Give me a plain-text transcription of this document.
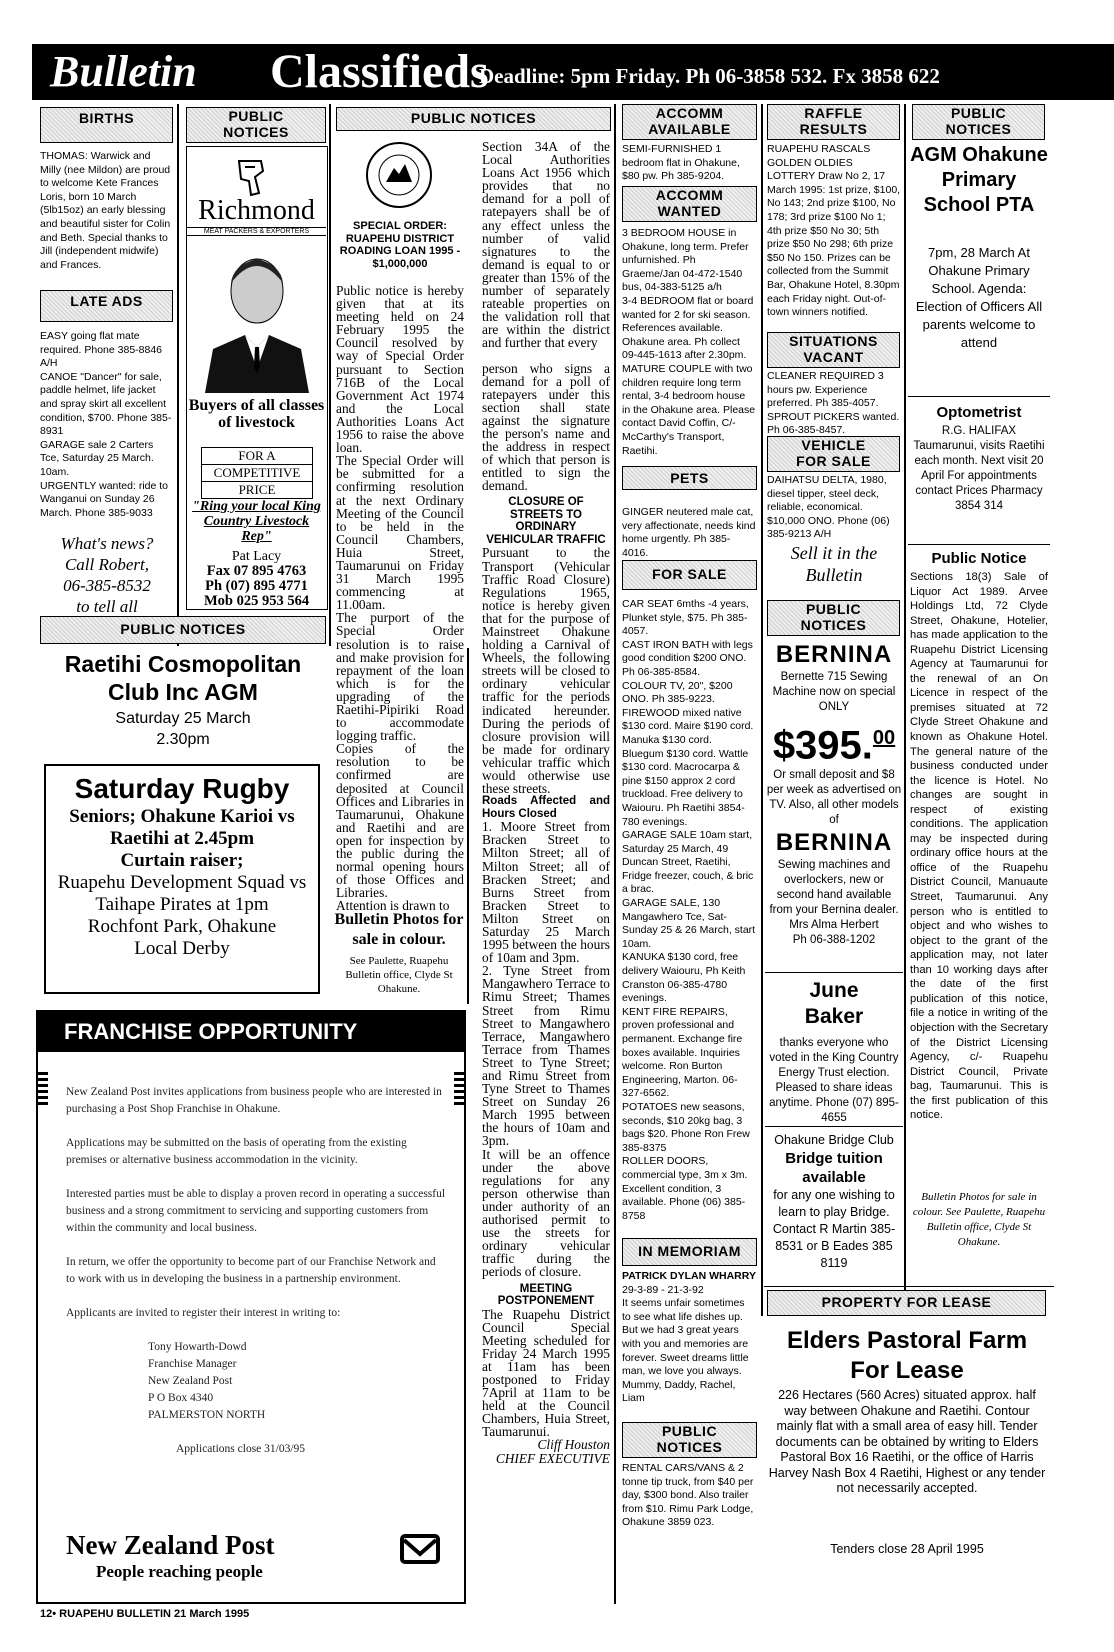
Bulletin Classifieds
Deadline: 5pm Friday. Ph 06-3858 532. Fx 3858 622
BIRTHS
THOMAS: Warwick and Milly (nee Mildon) are proud to welcome Kete Frances Loris, born 10 March (5lb15oz) an early blessing and beautiful sister for Colin and Beth. Special thanks to Jill (independent midwife) and Frances.
LATE ADS

EASY going flat mate required. Phone 385-8846 A/H

CANOE "Dancer" for sale, paddle helmet, life jacket and spray skirt all excellent condition, $700. Phone 385-8931

GARAGE sale 2 Carters Tce, Saturday 25 March. 10am.

URGENTLY wanted: ride to Wanganui on Sunday 26 March. Phone 385-9033

What's news?

Call Robert,

06-385-8532

to tell all

PUBLIC
NOTICES
Richmond
MEAT PACKERS & EXPORTERS
Buyers of all classes of livestock

FOR A

COMPETITIVE

PRICE

"Ring your local King Country Livestock Rep"
Pat Lacy

Fax 07 895 4763

Ph (07) 895 4771

Mob 025 953 564

PUBLIC NOTICES
Raetihi Cosmopolitan Club Inc AGM

Saturday 25 March

2.30pm

Saturday Rugby
Seniors; Ohakune Karioi vs Raetihi at 2.45pm
Curtain raiser;
Ruapehu Development Squad vs Taihape Pirates at 1pm
Rochfont Park, Ohakune
Local Derby
PUBLIC NOTICES
SPECIAL ORDER: RUAPEHU DISTRICT ROADING LOAN 1995 - $1,000,000

Public notice is hereby given that at its meeting held on 24 February 1995 the Council resolved by way of Special Order pursuant to Section 716B of the Local Government Act 1974 and the Local Authorities Loans Act 1956 to raise the above loan.

The Special Order will be submitted for a confirming resolution at the next Ordinary Meeting of the Council to be held in the Council Chambers, Huia Street, Taumarunui on Friday 31 March 1995 commencing at 11.00am.

The purport of the Special Order resolution is to raise and make provision for repayment of the loan which is for the upgrading of the Raetihi-Pipiriki Road to accommodate logging traffic.

Copies of the resolution to be confirmed are deposited at Council Offices and Libraries in Taumarunui, Ohakune and Raetihi and are open for inspection by the public during the normal opening hours of those Offices and Libraries.

Attention is drawn to

Section 34A of the Local Authorities Loans Act 1956 which provides that no demand for a poll of ratepayers shall be of any effect unless the number of valid signatures to the demand is equal to or greater than 15% of the number of separately rateable properties on the validation roll that are within the district and further that every

person who signs a demand for a poll of ratepayers under this section shall state against the signature the person's name and the address in respect of which that person is entitled to sign the demand.

CLOSURE OF STREETS TO ORDINARY VEHICULAR TRAFFIC

Pursuant to the Transport (Vehicular Traffic Road Closure) Regulations 1965, notice is hereby given that for the purpose of Mainstreet Ohakune holding a Carnival of Wheels, the following streets will be closed to ordinary vehicular traffic for the periods indicated hereunder. During the periods of closure provision will be made for ordinary vehicular traffic which would otherwise use these streets.

Roads Affected and Hours Closed

1. Moore Street from Bracken Street to Milton Street; all of Milton Street; all of Bracken Street; and Burns Street from Bracken Street to Milton Street on Saturday 25 March 1995 between the hours of 10am and 3pm.

2. Tyne Street from Mangawhero Terrace to Rimu Street; Thames Street from Rimu Street to Mangawhero Terrace, Mangawhero Terrace from Thames Street to Tyne Street; and Rimu Street from Tyne Street to Thames Street on Sunday 26 March 1995 between the hours of 10am and 3pm.

It will be an offence under the above regulations for any person otherwise than under authority of an authorised permit to use the streets for ordinary vehicular traffic during the periods of closure.

MEETING POSTPONEMENT

The Ruapehu District Council Special Meeting scheduled for Friday 24 March 1995 at 11am has been postponed to Friday 7April at 11am to be held at the Council Chambers, Huia Street, Taumarunui.

Cliff Houston

CHIEF EXECUTIVE

Bulletin Photos for sale in colour.
See Paulette, Ruapehu Bulletin office, Clyde St Ohakune.
FRANCHISE OPPORTUNITY

New Zealand Post invites applications from business people who are interested in purchasing a Post Shop Franchise in Ohakune.

Applications may be submitted on the basis of operating from the existing premises or alternative business accommodation in the vicinity.

Interested parties must be able to display a proven record in operating a successful business and a strong commitment to servicing and supporting customers from within the community and local business.

In return, we offer the opportunity to become part of our Franchise Network and to work with us in developing the business in a partnership environment.

Applicants are invited to register their interest in writing to:

Tony Howarth-Dowd

Franchise Manager

New Zealand Post

P O Box 4340

PALMERSTON NORTH

Applications close 31/03/95

New Zealand Post
People reaching people
12• RUAPEHU BULLETIN 21 March 1995
ACCOMM
AVAILABLE
SEMI-FURNISHED 1 bedroom flat in Ohakune, $80 pw. Ph 385-9204.
ACCOMM
WANTED

3 BEDROOM HOUSE in Ohakune, long term. Prefer unfurnished. Ph Graeme/Jan 04-472-1540 bus, 04-383-5125 a/h

3-4 BEDROOM flat or board wanted for 2 for ski season. References available. Ohakune area. Ph collect 09-445-1613 after 2.30pm.

MATURE COUPLE with two children require long term rental, 3-4 bedroom house in the Ohakune area. Please contact David Coffin, C/- McCarthy's Transport, Raetihi.

PETS
GINGER neutered male cat, very affectionate, needs kind home urgently. Ph 385-4016.
FOR SALE

CAR SEAT 6mths -4 years, Plunket style, $75. Ph 385-4057.

CAST IRON BATH with legs good condition $200 ONO. Ph 06-385-8584.

COLOUR TV, 20", $200 ONO. Ph 385-9223.

FIREWOOD mixed native $130 cord. Maire $190 cord. Manuka $130 cord. Bluegum $130 cord. Wattle $130 cord. Macrocarpa & pine $150 approx 2 cord truckload. Free delivery to Waiouru. Ph Raetihi 3854-780 evenings.

GARAGE SALE 10am start, Saturday 25 March, 49 Duncan Street, Raetihi, Fridge freezer, couch, & bric a brac.

GARAGE SALE, 130 Mangawhero Tce, Sat-Sunday 25 & 26 March, start 10am.

KANUKA $130 cord, free delivery Waiouru, Ph Keith Cranston 06-385-4780 evenings.

KENT FIRE REPAIRS, proven professional and permanent. Exchange fire boxes available. Inquiries welcome. Ron Burton Engineering, Marton. 06-327-6562.

POTATOES new seasons, seconds, $10 20kg bag, 3 bags $20. Phone Ron Frew 385-8375

ROLLER DOORS, commercial type, 3m x 3m. Excellent condition, 3 available. Phone (06) 385-8758

IN MEMORIAM

PATRICK DYLAN WHARRY

29-3-89 - 21-3-92

It seems unfair sometimes to see what life dishes up. But we had 3 great years with you and memories are forever. Sweet dreams little man, we love you always. Mummy, Daddy, Rachel, Liam

PUBLIC
NOTICES
RENTAL CARS/VANS & 2 tonne tip truck, from $40 per day, $300 bond. Also trailer from $10. Rimu Park Lodge, Ohakune 3859 023.
RAFFLE
RESULTS
RUAPEHU RASCALS GOLDEN OLDIES LOTTERY Draw No 2, 17 March 1995: 1st prize, $100, No 143; 2nd prize $100, No 178; 3rd prize $100 No 1; 4th prize $50 No 30; 5th prize $50 No 298; 6th prize $50 No 150. Prizes can be collected from the Summit Bar, Ohakune Hotel, 8.30pm each Friday night. Out-of-town winners notified.
SITUATIONS
VACANT

CLEANER REQUIRED 3 hours pw. Experience preferred. Ph 385-4057.

SPROUT PICKERS wanted. Ph 06-385-8457.

VEHICLE
FOR SALE
DAIHATSU DELTA, 1980, diesel tipper, steel deck, reliable, economical. $10,000 ONO. Phone (06) 385-9213 A/H

Sell it in the

Bulletin

PUBLIC
NOTICES
BERNINA
Bernette 715 Sewing Machine now on special
ONLY
$395.00
Or small deposit and $8 per week as advertised on TV. Also, all other models of
BERNINA
Sewing machines and overlockers, new or second hand available from your Bernina dealer.
Mrs Alma Herbert
Ph 06-388-1202
June Baker
thanks everyone who voted in the King Country Energy Trust election. Pleased to share ideas anytime. Phone (07) 895-4655
Ohakune Bridge Club
Bridge tuition available
for any one wishing to learn to play Bridge. Contact R Martin 385-8531 or B Eades 385 8119
PUBLIC
NOTICES
AGM Ohakune Primary School PTA
7pm, 28 March At Ohakune Primary School. Agenda: Election of Officers All parents welcome to attend
Optometrist
R.G. HALIFAX Taumarunui, visits Raetihi each month. Next visit 20 April For appointments contact Prices Pharmacy 3854 314
Public Notice
Sections 18(3) Sale of Liquor Act 1989. Arvee Holdings Ltd, 72 Clyde Street, Ohakune, Hotelier, has made application to the Ruapehu District Licensing Agency at Taumarunui for the renewal of an On Licence in respect of the premises situated at 72 Clyde Street Ohakune and known as Ohakune Hotel. The general nature of the business conducted under the licence is Hotel. No changes are sought in respect of existing conditions. The application may be inspected during ordinary office hours at the office of the Ruapehu District Council, Manuaute Street, Taumarunui. Any person who is entitled to object and who wishes to object to the grant of the application may, not later than 10 working days after the date of the first publication of this notice, file a notice in writing of the objection with the Secretary of the District Licensing Agency, c/- Ruapehu District Council, Private bag, Taumarunui. This is the first publication of this notice.
Bulletin Photos for sale in colour. See Paulette, Ruapehu Bulletin office, Clyde St Ohakune.
PROPERTY FOR LEASE
Elders Pastoral Farm For Lease
226 Hectares (560 Acres) situated approx. half way between Ohakune and Raetihi. Contour mainly flat with a small area of easy hill. Tender documents can be obtained by writing to Elders Pastoral Box 16 Raetihi, or the office of Harris Harvey Nash Box 4 Raetihi, Highest or any tender not necessarily accepted.
Tenders close 28 April 1995
